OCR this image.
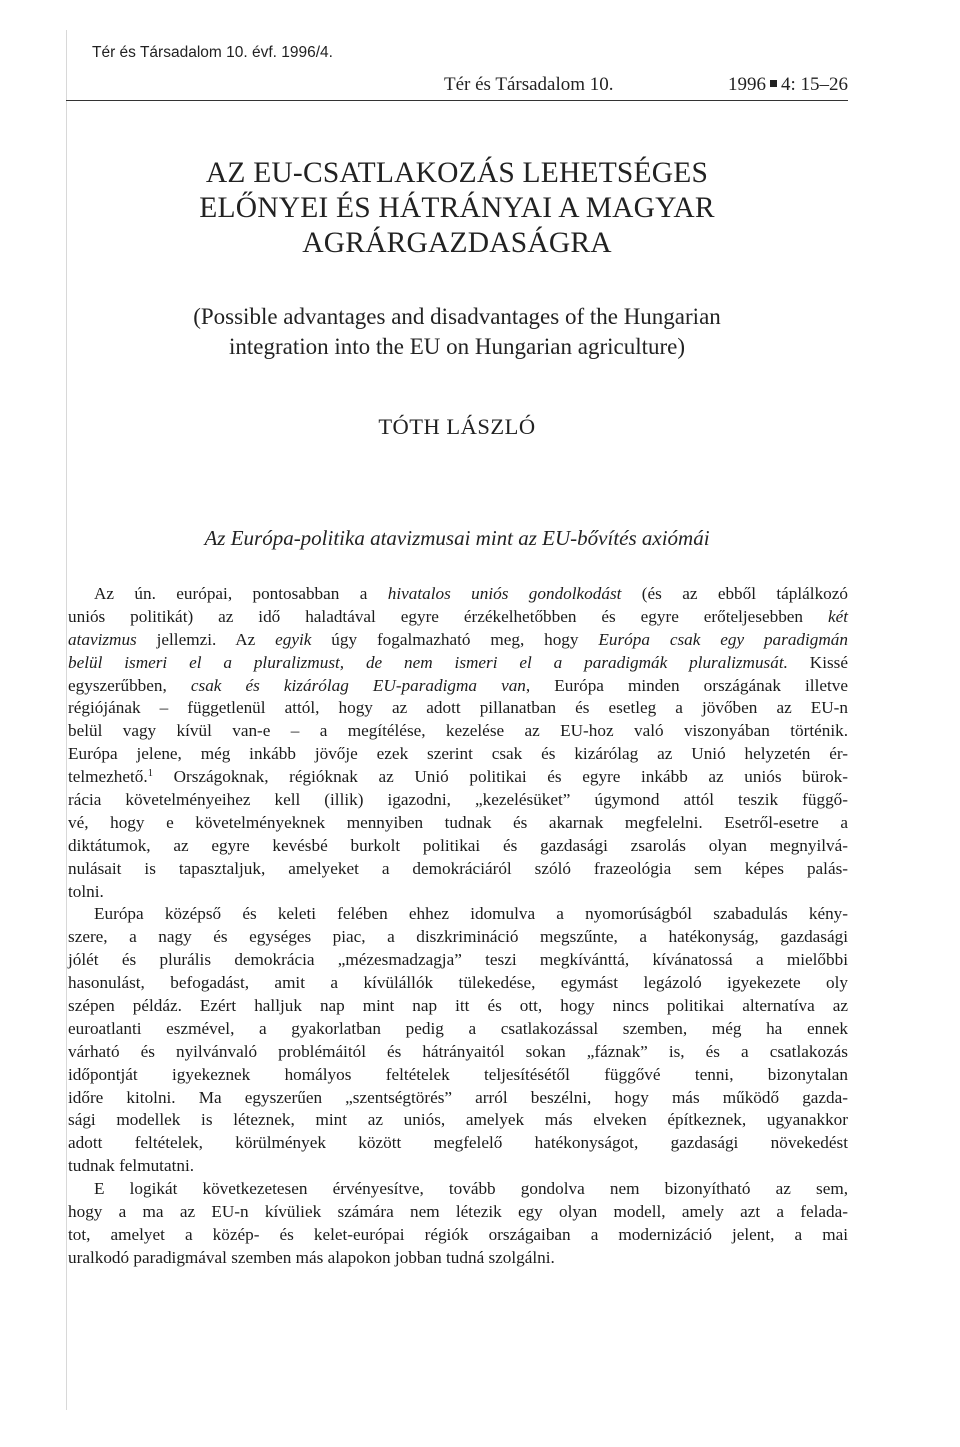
Tér és Társadalom 10. évf. 1996/4.
Tér és Társadalom 10.	1996 4: 15–26
AZ EU-CSATLAKOZÁS LEHETSÉGES
ELŐNYEI ÉS HÁTRÁNYAI A MAGYAR
AGRÁRGAZDASÁGRA
(Possible advantages and disadvantages of the Hungarian
integration into the EU on Hungarian agriculture)
TÓTH LÁSZLÓ
Az Európa-politika atavizmusai mint az EU-bővítés axiómái
Az ún. európai, pontosabban a hivatalos uniós gondolkodást (és az ebből táplálkozó
uniós politikát) az idő haladtával egyre érzékelhetőbben és egyre erőteljesebben két
atavizmus jellemzi. Az egyik úgy fogalmazható meg, hogy Európa csak egy paradigmán
belül ismeri el a pluralizmust, de nem ismeri el a paradigmák pluralizmusát. Kissé
egyszerűbben, csak és kizárólag EU-paradigma van, Európa minden országának illetve
régiójának – függetlenül attól, hogy az adott pillanatban és esetleg a jövőben az EU-n
belül vagy kívül van-e – a megítélése, kezelése az EU-hoz való viszonyában történik.
Európa jelene, még inkább jövője ezek szerint csak és kizárólag az Unió helyzetén ér-
telmezhető.$^1$ Országoknak, régióknak az Unió politikai és egyre inkább az uniós bürok-
rácia követelményeihez kell (illik) igazodni, „kezelésüket” úgymond attól teszik függő-
vé, hogy e követelményeknek mennyiben tudnak és akarnak megfelelni. Esetről-esetre a
diktátumok, az egyre kevésbé burkolt politikai és gazdasági zsarolás olyan megnyilvá-
nulásait is tapasztaljuk, amelyeket a demokráciáról szóló frazeológia sem képes palás-
tolni.
Európa középső és keleti felében ehhez idomulva a nyomorúságból szabadulás kény-
szere, a nagy és egységes piac, a diszkrimináció megszűnte, a hatékonyság, gazdasági
jólét és plurális demokrácia „mézesmadzagja” teszi megkívánttá, kívánatossá a mielőbbi
hasonulást, befogadást, amit a kívülállók tülekedése, egymást legázoló igyekezete oly
szépen példáz. Ezért halljuk nap mint nap itt és ott, hogy nincs politikai alternatíva az
euroatlanti eszmével, a gyakorlatban pedig a csatlakozással szemben, még ha ennek
várható és nyilvánvaló problémáitól és hátrányaitól sokan „fáznak” is, és a csatlakozás
időpontját igyekeznek homályos feltételek teljesítésétől függővé tenni, bizonytalan
időre kitolni. Ma egyszerűen „szentségtörés” arról beszélni, hogy más működő gazda-
sági modellek is léteznek, mint az uniós, amelyek más elveken építkeznek, ugyanakkor
adott feltételek, körülmények között megfelelő hatékonyságot, gazdasági növekedést
tudnak felmutatni.
E logikát következetesen érvényesítve, tovább gondolva nem bizonyítható az sem,
hogy a ma az EU-n kívüliek számára nem létezik egy olyan modell, amely azt a felada-
tot, amelyet a közép- és kelet-európai régiók országaiban a modernizáció jelent, a mai
uralkodó paradigmával szemben más alapokon jobban tudná szolgálni.
